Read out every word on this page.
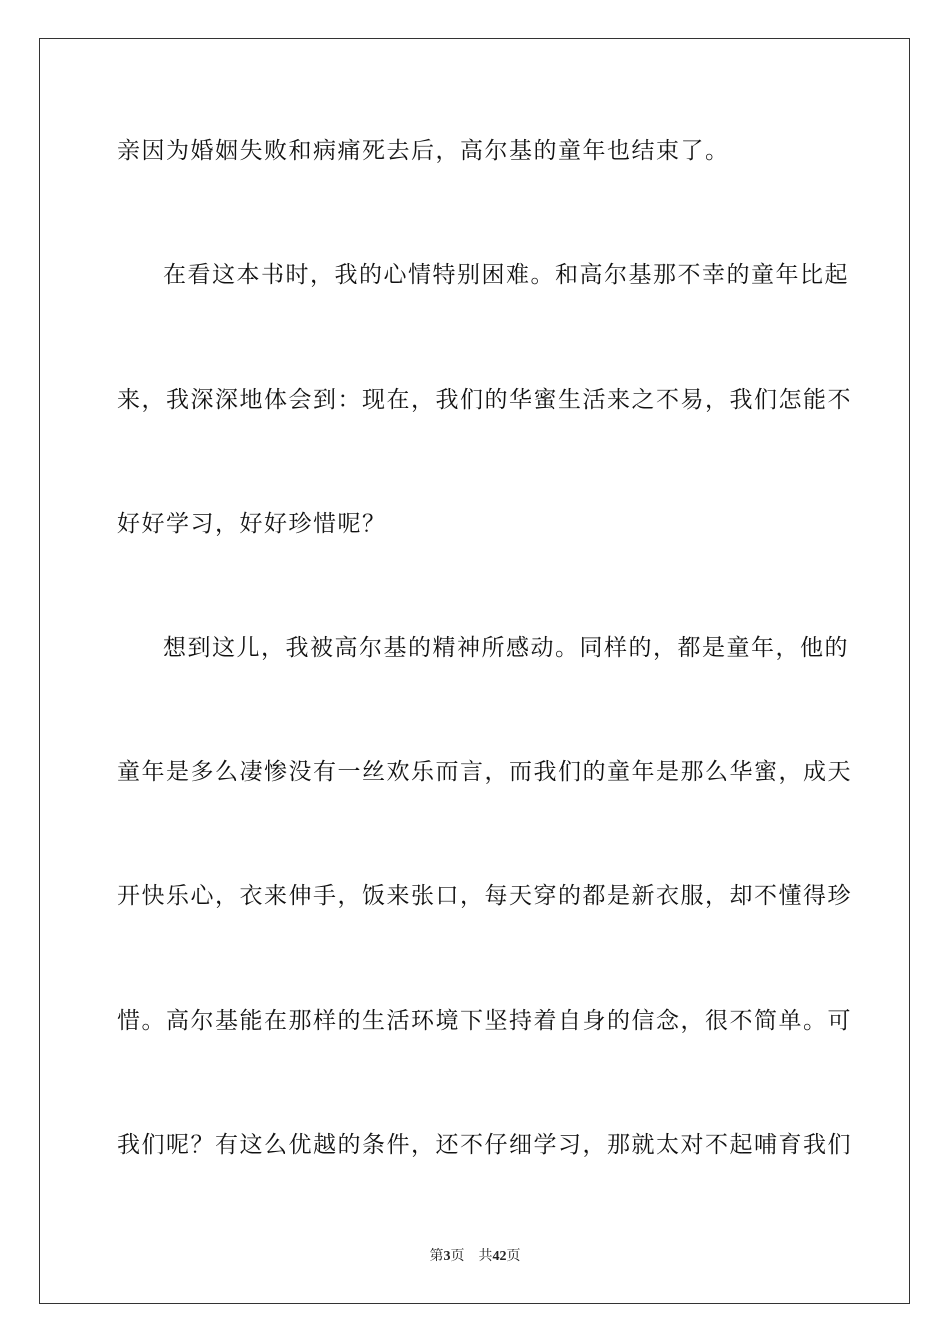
亲因为婚姻失败和病痛死去后，高尔基的童年也结束了。
在看这本书时，我的心情特别困难。和高尔基那不幸的童年比起
来，我深深地体会到：现在，我们的华蜜生活来之不易，我们怎能不
好好学习，好好珍惜呢？
想到这儿，我被高尔基的精神所感动。同样的，都是童年，他的
童年是多么凄惨没有一丝欢乐而言，而我们的童年是那么华蜜，成天
开快乐心，衣来伸手，饭来张口，每天穿的都是新衣服，却不懂得珍
惜。高尔基能在那样的生活环境下坚持着自身的信念，很不简单。可
我们呢？有这么优越的条件，还不仔细学习，那就太对不起哺育我们
第3页 共42页
